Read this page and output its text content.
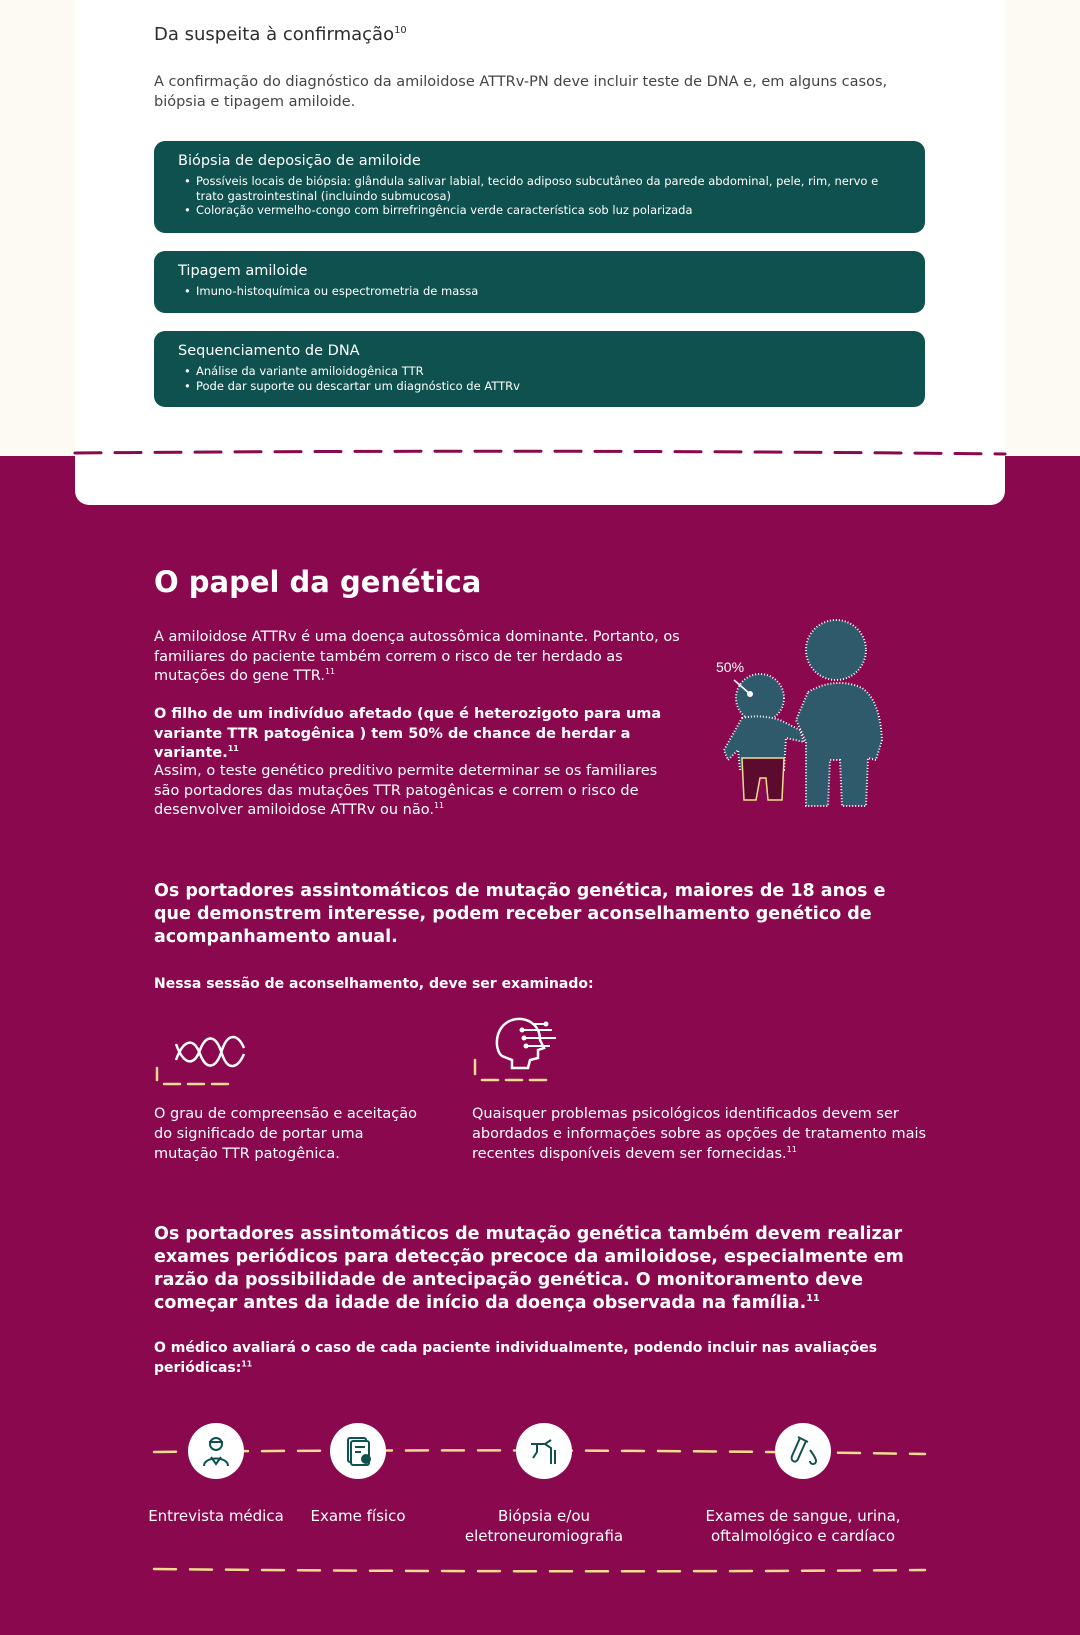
Da suspeita à confirmação$^{10}$
A confirmação do diagnóstico da amiloidose ATTRv-PN deve incluir teste de DNA e, em alguns casos, biópsia e tipagem amiloide.
Biópsia de deposição de amiloide
• Possíveis locais de biópsia: glândula salivar labial, tecido adiposo subcutâneo da parede abdominal, pele, rim, nervo e trato gastrointestinal (incluindo submucosa)
• Coloração vermelho-congo com birrefringência verde característica sob luz polarizada
Tipagem amiloide
• Imuno-histoquímica ou espectrometria de massa
Sequenciamento de DNA
• Análise da variante amiloidogênica TTR
• Pode dar suporte ou descartar um diagnóstico de ATTRv
O papel da genética
A amiloidose ATTRv é uma doença autossômica dominante. Portanto, os familiares do paciente também correm o risco de ter herdado as mutações do gene TTR.$^{11}$
O filho de um indivíduo afetado (que é heterozigoto para uma variante TTR patogênica ) tem 50% de chance de herdar a variante.$^{11}$
Assim, o teste genético preditivo permite determinar se os familiares são portadores das mutações TTR patogênicas e correm o risco de desenvolver amiloidose ATTRv ou não.$^{11}$
50%
Os portadores assintomáticos de mutação genética, maiores de 18 anos e que demonstrem interesse, podem receber aconselhamento genético de acompanhamento anual.
Nessa sessão de aconselhamento, deve ser examinado:
O grau de compreensão e aceitação do significado de portar uma mutação TTR patogênica.
Quaisquer problemas psicológicos identificados devem ser abordados e informações sobre as opções de tratamento mais recentes disponíveis devem ser fornecidas.$^{11}$
Os portadores assintomáticos de mutação genética também devem realizar exames periódicos para detecção precoce da amiloidose, especialmente em razão da possibilidade de antecipação genética. O monitoramento deve começar antes da idade de início da doença observada na família.$^{11}$
O médico avaliará o caso de cada paciente individualmente, podendo incluir nas avaliações periódicas:$^{11}$
Entrevista médica	Exame físico	Biópsia e/ou eletroneuromiografia
Exames de sangue, urina, oftalmológico e cardíaco
